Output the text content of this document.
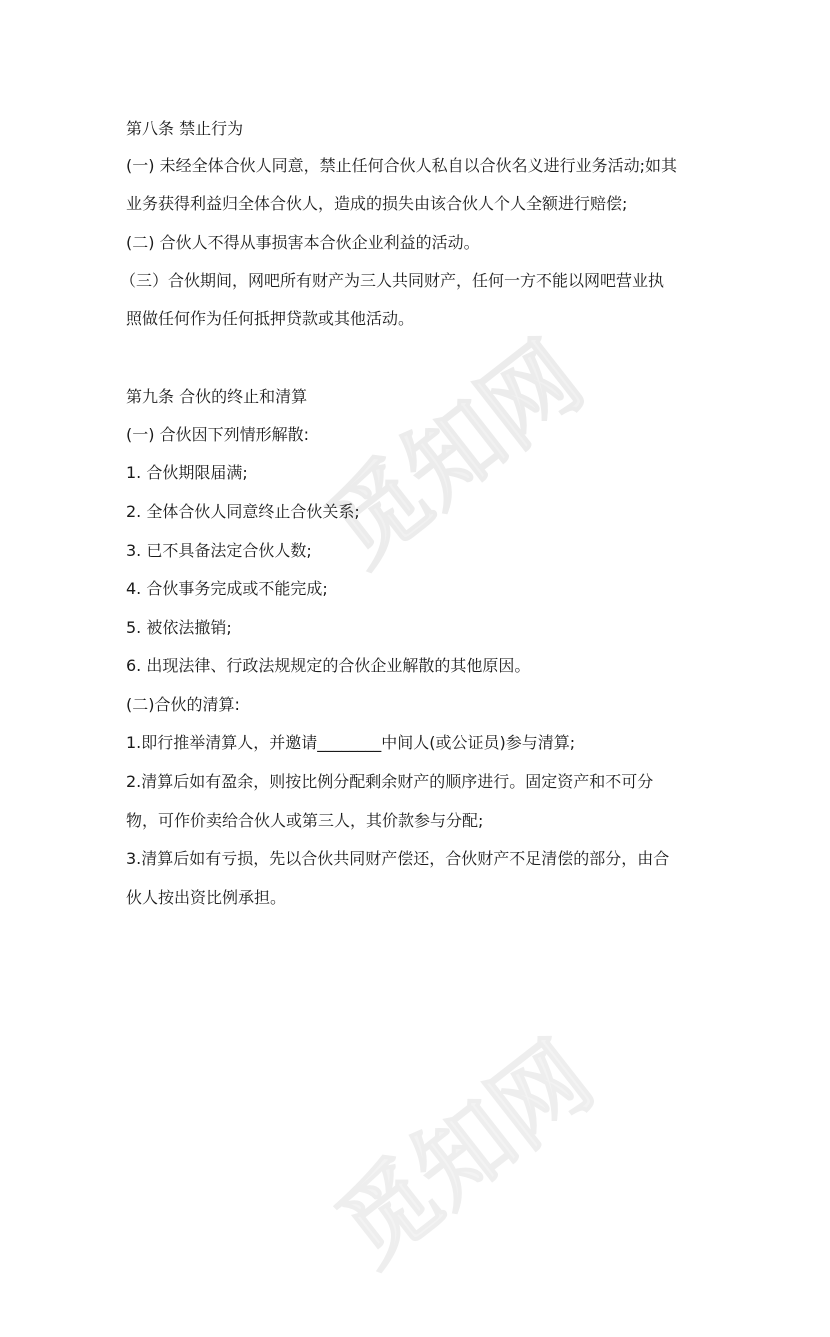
觅知网
觅知网
第八条 禁止行为
(一) 未经全体合伙人同意，禁止任何合伙人私自以合伙名义进行业务活动;如其
业务获得利益归全体合伙人，造成的损失由该合伙人个人全额进行赔偿;
(二) 合伙人不得从事损害本合伙企业利益的活动。
（三）合伙期间，网吧所有财产为三人共同财产，任何一方不能以网吧营业执
照做任何作为任何抵押贷款或其他活动。
第九条 合伙的终止和清算
(一) 合伙因下列情形解散:
1. 合伙期限届满;
2. 全体合伙人同意终止合伙关系;
3. 已不具备法定合伙人数;
4. 合伙事务完成或不能完成;
5. 被依法撤销;
6. 出现法律、行政法规规定的合伙企业解散的其他原因。
(二)合伙的清算:
1.即行推举清算人，并邀请________中间人(或公证员)参与清算;
2.清算后如有盈余，则按比例分配剩余财产的顺序进行。固定资产和不可分
物，可作价卖给合伙人或第三人，其价款参与分配;
3.清算后如有亏损，先以合伙共同财产偿还，合伙财产不足清偿的部分，由合
伙人按出资比例承担。
